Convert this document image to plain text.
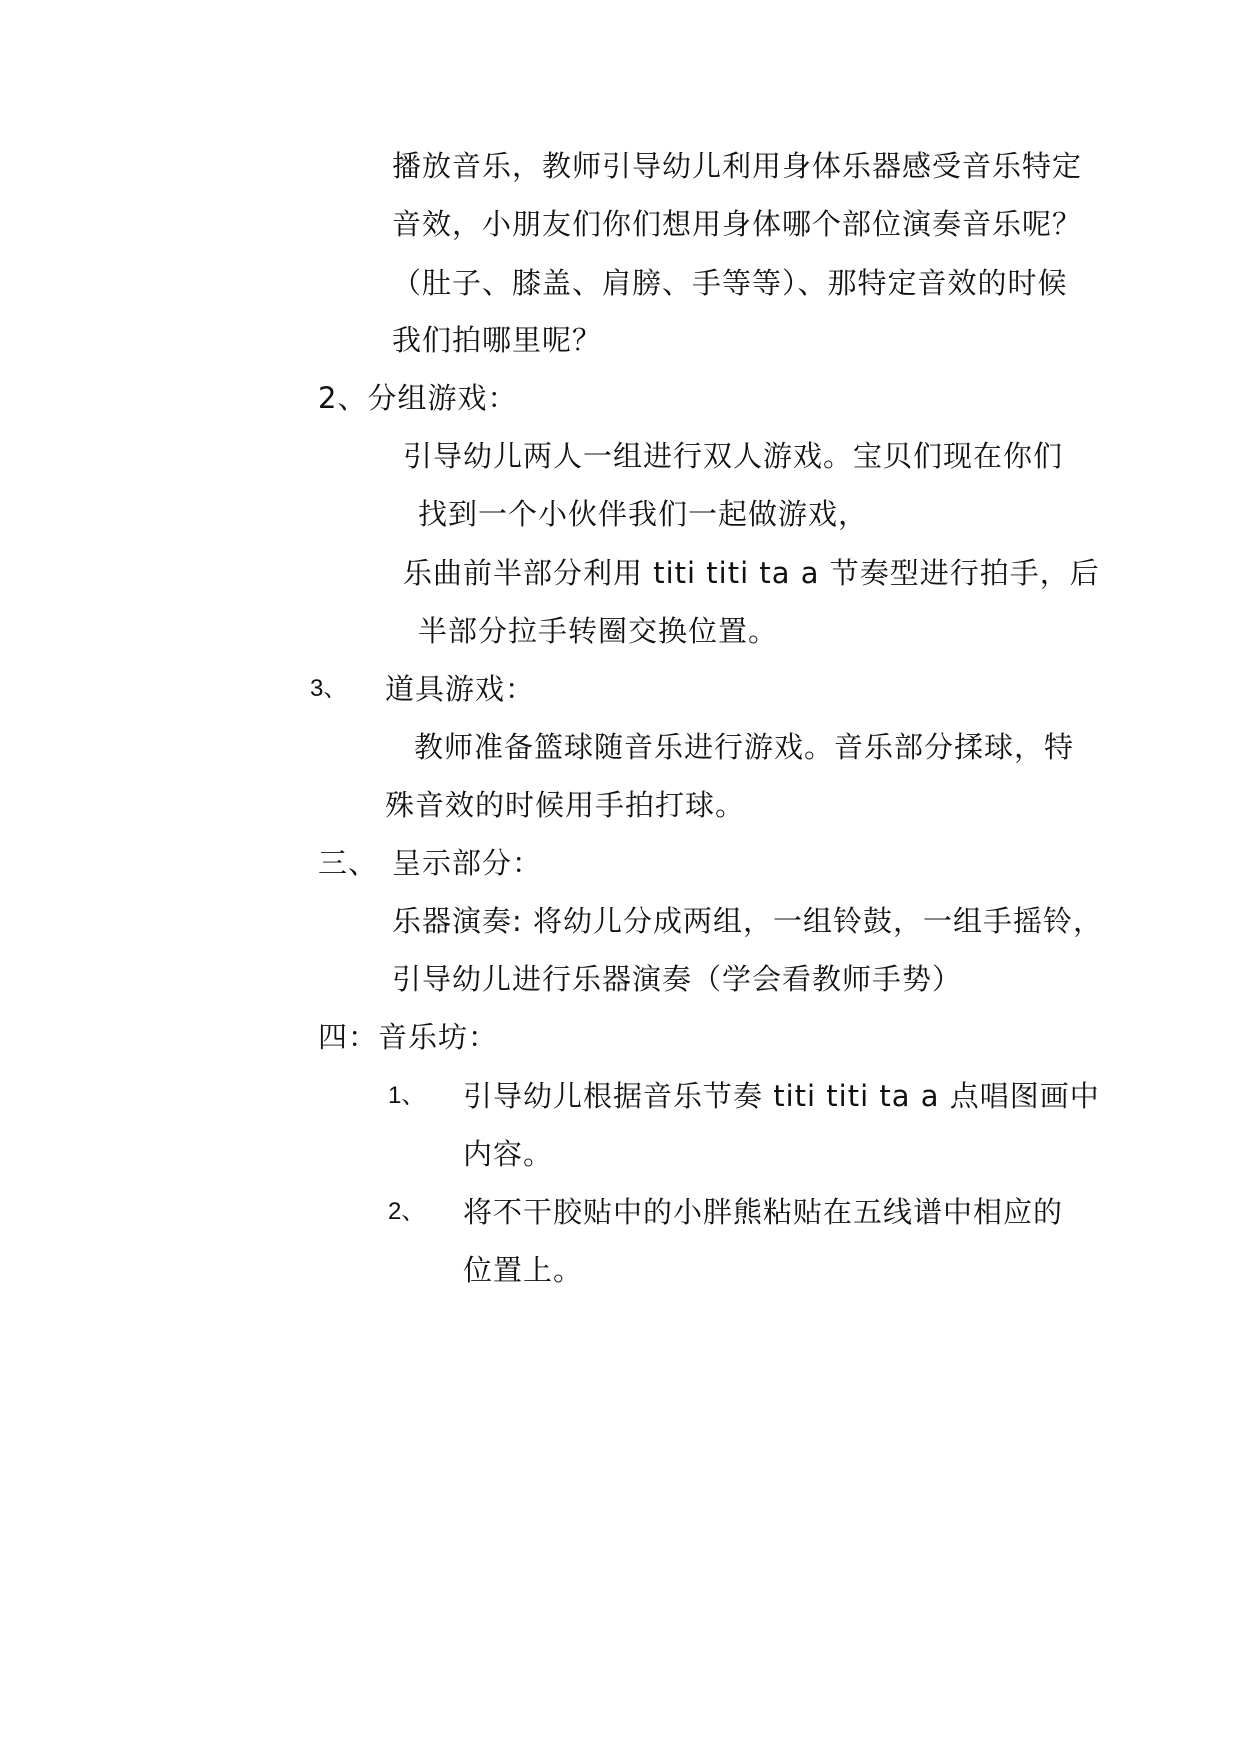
播放音乐，教师引导幼儿利用身体乐器感受音乐特定
音效，小朋友们你们想用身体哪个部位演奏音乐呢？
（肚子、膝盖、肩膀、手等等）、那特定音效的时候
我们拍哪里呢？
2、分组游戏：
引导幼儿两人一组进行双人游戏。宝贝们现在你们
找到一个小伙伴我们一起做游戏，
乐曲前半部分利用 titi titi ta a 节奏型进行拍手，后
半部分拉手转圈交换位置。
3、 道具游戏：
教师准备篮球随音乐进行游戏。音乐部分揉球，特
殊音效的时候用手拍打球。
三、 呈示部分：
乐器演奏: 将幼儿分成两组，一组铃鼓，一组手摇铃，
引导幼儿进行乐器演奏（学会看教师手势）
四：音乐坊：
1、 引导幼儿根据音乐节奏 titi titi ta a 点唱图画中
内容。
2、 将不干胶贴中的小胖熊粘贴在五线谱中相应的
位置上。
